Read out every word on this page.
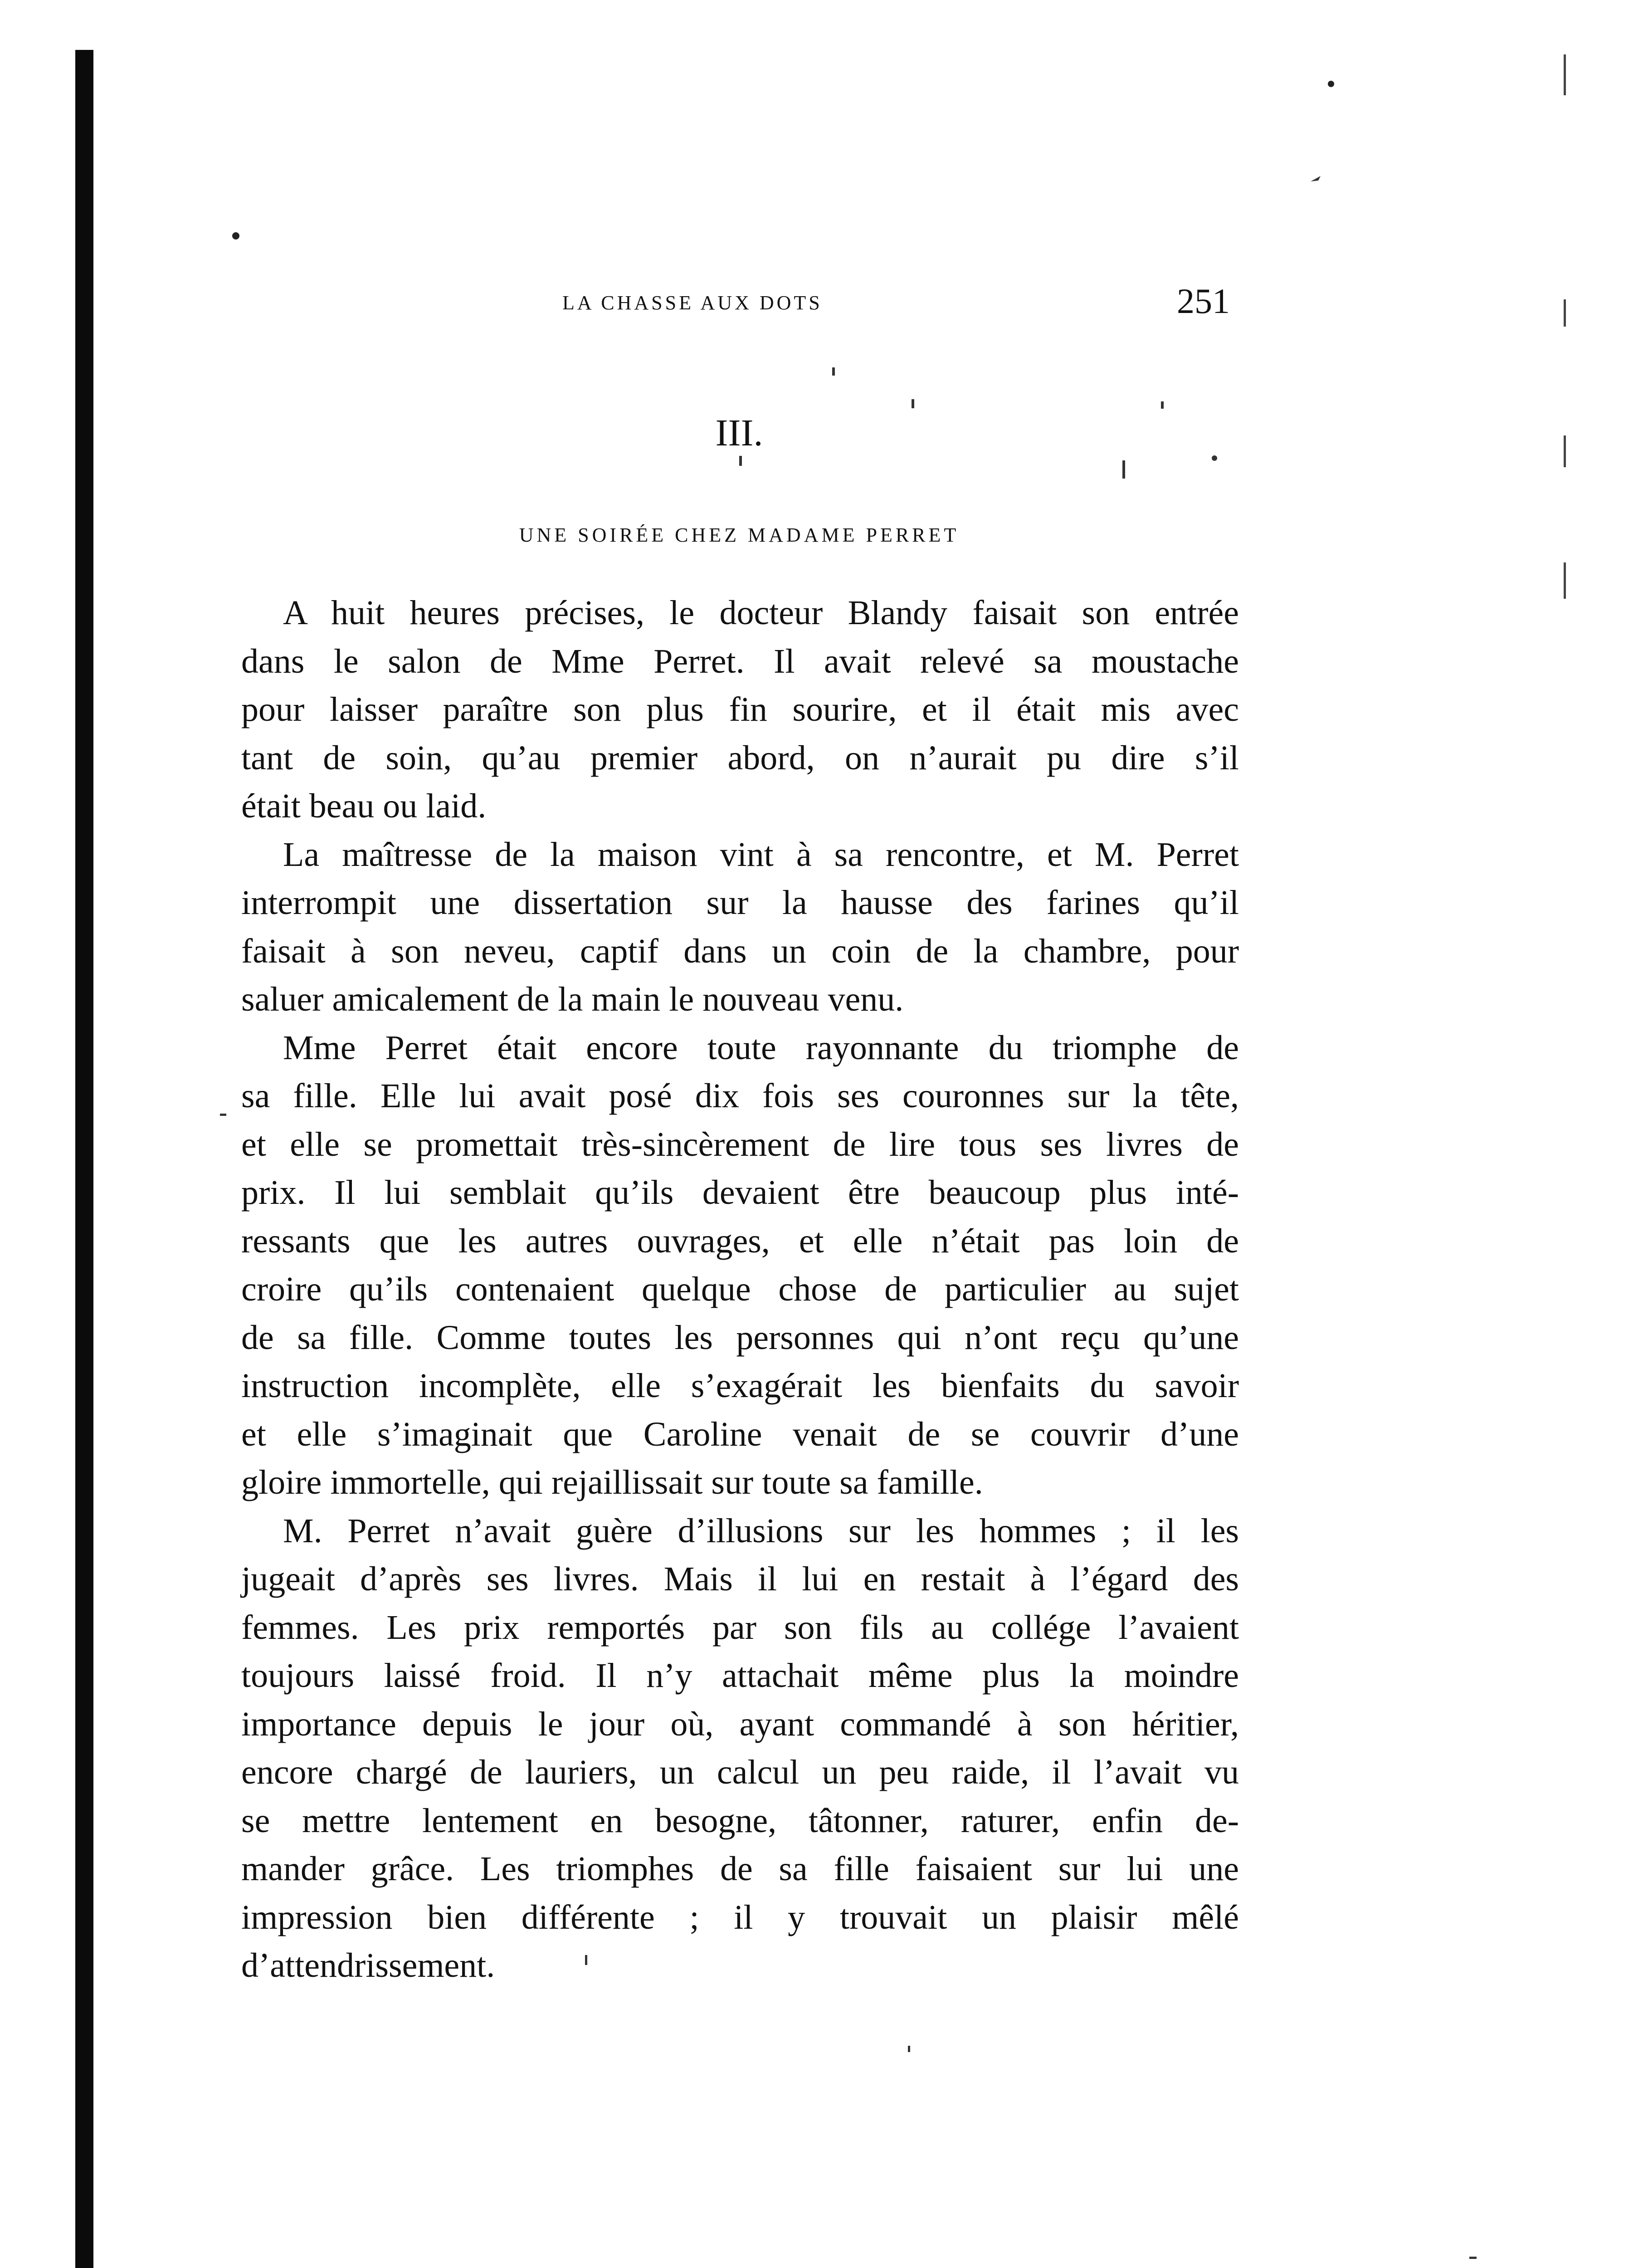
LA CHASSE AUX DOTS	251
III.
UNE SOIRÉE CHEZ MADAME PERRET

A huit heures précises, le docteur Blandy faisait son entrée
dans le salon de Mme Perret. Il avait relevé sa moustache
pour laisser paraître son plus fin sourire, et il était mis avec
tant de soin, qu’au premier abord, on n’aurait pu dire s’il
était beau ou laid.

La maîtresse de la maison vint à sa rencontre, et M. Perret
interrompit une dissertation sur la hausse des farines qu’il
faisait à son neveu, captif dans un coin de la chambre, pour
saluer amicalement de la main le nouveau venu.

Mme Perret était encore toute rayonnante du triomphe de
sa fille. Elle lui avait posé dix fois ses couronnes sur la tête,
et elle se promettait très-sincèrement de lire tous ses livres de
prix. Il lui semblait qu’ils devaient être beaucoup plus inté-
ressants que les autres ouvrages, et elle n’était pas loin de
croire qu’ils contenaient quelque chose de particulier au sujet
de sa fille. Comme toutes les personnes qui n’ont reçu qu’une
instruction incomplète, elle s’exagérait les bienfaits du savoir
et elle s’imaginait que Caroline venait de se couvrir d’une
gloire immortelle, qui rejaillissait sur toute sa famille.

M. Perret n’avait guère d’illusions sur les hommes ; il les
jugeait d’après ses livres. Mais il lui en restait à l’égard des
femmes. Les prix remportés par son fils au collége l’avaient
toujours laissé froid. Il n’y attachait même plus la moindre
importance depuis le jour où, ayant commandé à son héritier,
encore chargé de lauriers, un calcul un peu raide, il l’avait vu
se mettre lentement en besogne, tâtonner, raturer, enfin de-
mander grâce. Les triomphes de sa fille faisaient sur lui une
impression bien différente ; il y trouvait un plaisir mêlé
d’attendrissement.
